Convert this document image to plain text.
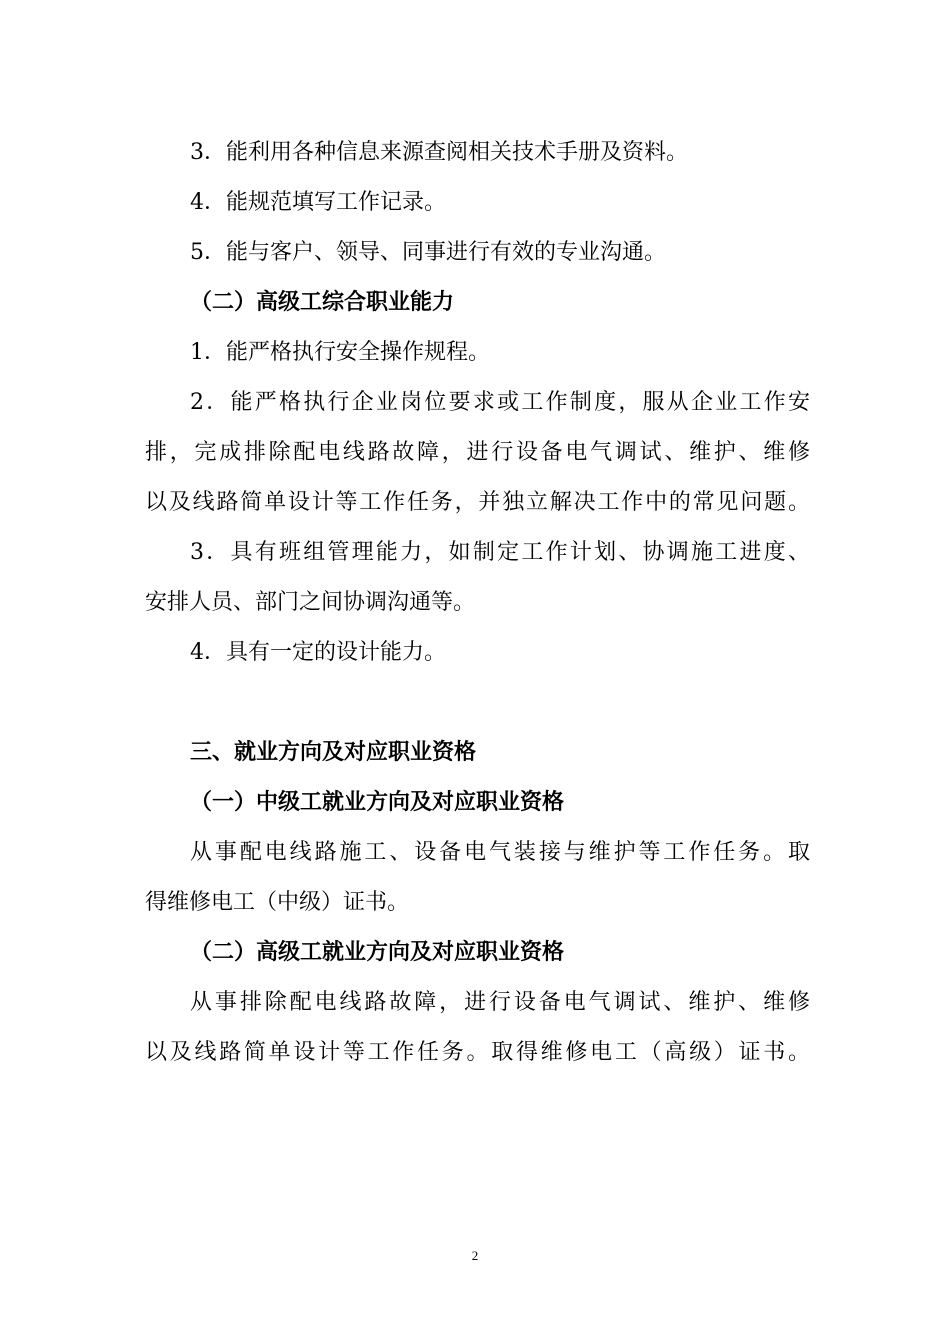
3．能利用各种信息来源查阅相关技术手册及资料。
4．能规范填写工作记录。
5．能与客户、领导、同事进行有效的专业沟通。
（二）高级工综合职业能力
1．能严格执行安全操作规程。
2．能严格执行企业岗位要求或工作制度，服从企业工作安
排，完成排除配电线路故障，进行设备电气调试、维护、维修
以及线路简单设计等工作任务，并独立解决工作中的常见问题。
3．具有班组管理能力，如制定工作计划、协调施工进度、
安排人员、部门之间协调沟通等。
4．具有一定的设计能力。
三、就业方向及对应职业资格
（一）中级工就业方向及对应职业资格
从事配电线路施工、设备电气装接与维护等工作任务。取
得维修电工（中级）证书。
（二）高级工就业方向及对应职业资格
从事排除配电线路故障，进行设备电气调试、维护、维修
以及线路简单设计等工作任务。取得维修电工（高级）证书。
2
